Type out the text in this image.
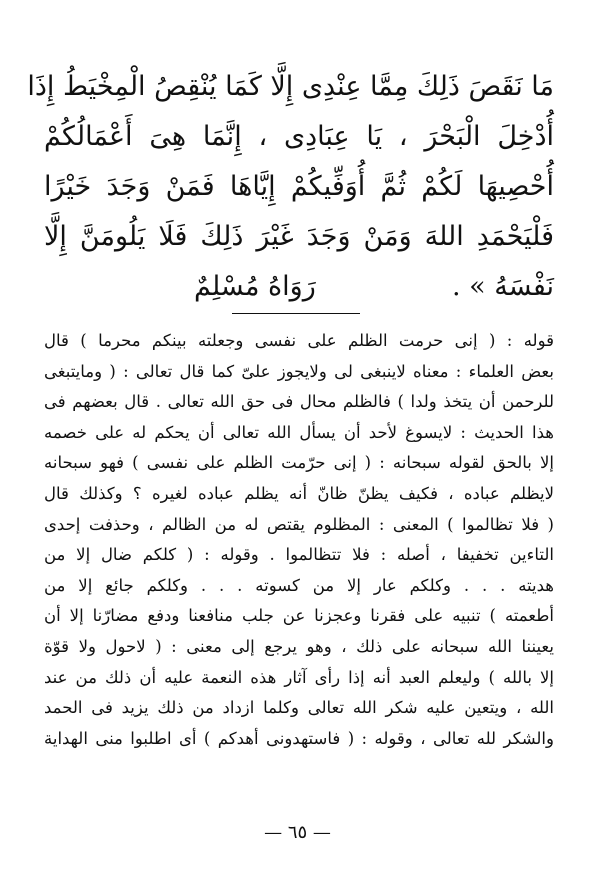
مَا نَقَصَ ذَلِكَ مِمَّا عِنْدِى إِلَّا كَمَا يُنْقِصُ الْمِخْيَطُ إِذَا
أُدْخِلَ الْبَحْرَ ، يَا عِبَادِى ، إِنَّمَا هِىَ أَعْمَالُكُمْ
أُحْصِيهَا لَكُمْ ثُمَّ أُوَفِّيكُمْ إِيَّاهَا فَمَنْ وَجَدَ خَيْرًا
فَلْيَحْمَدِ اللهَ وَمَنْ وَجَدَ غَيْرَ ذَلِكَ فَلَا يَلُومَنَّ إِلَّا
نَفْسَهُ » .
رَوَاهُ مُسْلِمٌ
قوله : ( إنى حرمت الظلم على نفسى وجعلته بينكم محرما ) قال
بعض العلماء : معناه لاينبغى لى ولايجوز علىّ كما قال تعالى : ( ومايتبغى
للرحمن أن يتخذ ولدا ) فالظلم محال فى حق الله تعالى . قال بعضهم فى
هذا الحديث : لايسوغ لأحد أن يسأل الله تعالى أن يحكم له على خصمه
إلا بالحق لقوله سبحانه : ( إنى حرّمت الظلم على نفسى ) فهو سبحانه
لايظلم عباده ، فكيف يظنّ ظانّ أنه يظلم عباده لغيره ؟ وكذلك قال
( فلا تظالموا ) المعنى : المظلوم يقتص له من الظالم ، وحذفت إحدى
التاءين تخفيفا ، أصله : فلا تتظالموا . وقوله : ( كلكم ضال إلا من
هديته . . . وكلكم عار إلا من كسوته . . . وكلكم جائع إلا من
أطعمته ) تنبيه على فقرنا وعجزنا عن جلب منافعنا ودفع مضارّنا إلا أن
يعيننا الله سبحانه على ذلك ، وهو يرجع إلى معنى : ( لاحول ولا قوّة
إلا بالله ) وليعلم العبد أنه إذا رأى آثار هذه النعمة عليه أن ذلك من عند
الله ، ويتعين عليه شكر الله تعالى وكلما ازداد من ذلك يزيد فى الحمد
والشكر لله تعالى ، وقوله : ( فاستهدونى أهدكم ) أى اطلبوا منى الهداية
— ٦٥ —
